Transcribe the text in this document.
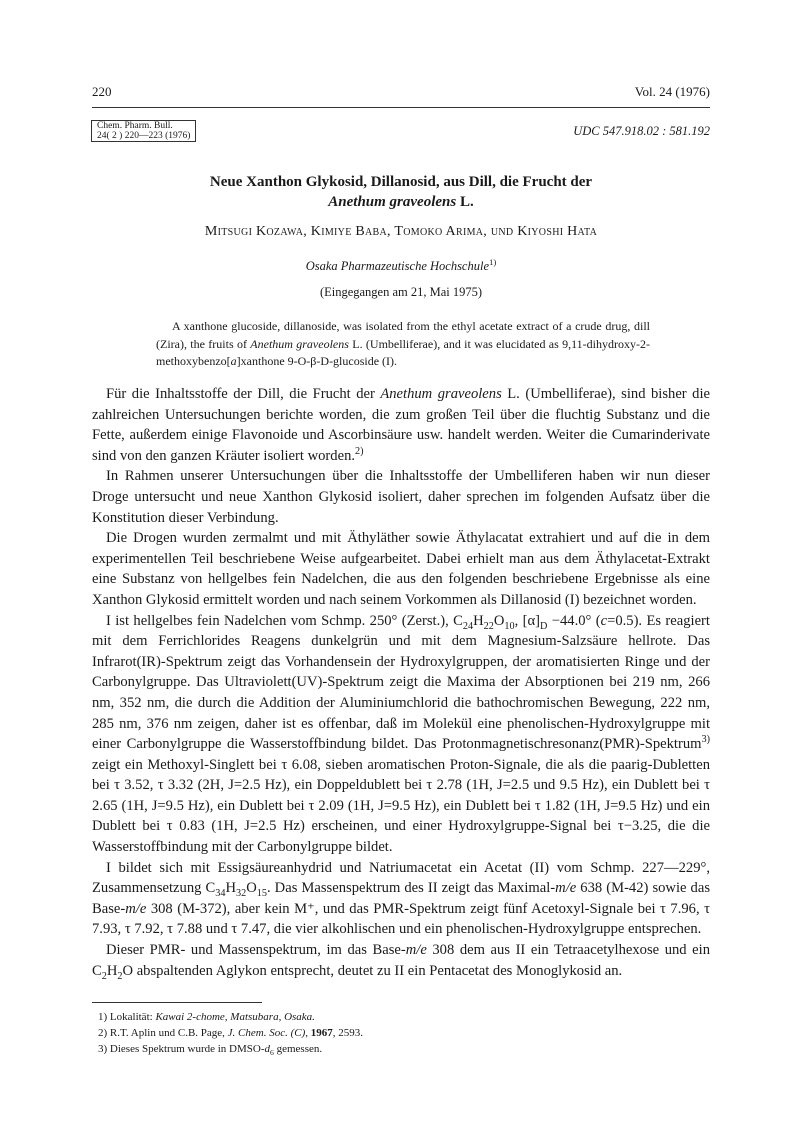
220	Vol. 24 (1976)
Chem. Pharm. Bull.
24( 2 ) 220—223 (1976)	UDC 547.918.02 : 581.192
Neue Xanthon Glykosid, Dillanosid, aus Dill, die Frucht der
Anethum graveolens L.
Mitsugi Kozawa, Kimiye Baba, Tomoko Arima, und Kiyoshi Hata
Osaka Pharmazeutische Hochschule$^{1)}$
(Eingegangen am 21, Mai 1975)

A xanthone glucoside, dillanoside, was isolated from the ethyl acetate extract of a crude drug, dill (Zira), the fruits of Anethum graveolens L. (Umbelliferae), and it was elucidated as 9,11-dihydroxy-2-methoxybenzo[a]xanthone 9-O-β-D-glucoside (I).

Für die Inhaltsstoffe der Dill, die Frucht der Anethum graveolens L. (Umbelliferae), sind bisher die zahlreichen Untersuchungen berichte worden, die zum großen Teil über die fluchtig Substanz und die Fette, außerdem einige Flavonoide und Ascorbinsäure usw. handelt werden. Weiter die Cumarinderivate sind von den ganzen Kräuter isoliert worden.$^{2)}$

In Rahmen unserer Untersuchungen über die Inhaltsstoffe der Umbelliferen haben wir nun dieser Droge untersucht und neue Xanthon Glykosid isoliert, daher sprechen im folgenden Aufsatz über die Konstitution dieser Verbindung.

Die Drogen wurden zermalmt und mit Äthyläther sowie Äthylacatat extrahiert und auf die in dem experimentellen Teil beschriebene Weise aufgearbeitet. Dabei erhielt man aus dem Äthylacetat-Extrakt eine Substanz von hellgelbes fein Nadelchen, die aus den folgenden beschriebene Ergebnisse als eine Xanthon Glykosid ermittelt worden und nach seinem Vorkommen als Dillanosid (I) bezeichnet worden.

I ist hellgelbes fein Nadelchen vom Schmp. 250° (Zerst.), $C_{24}H_{22}O_{10}$, $[\alpha]_D -44.0^\circ$ (c=0.5). Es reagiert mit dem Ferrichlorides Reagens dunkelgrün und mit dem Magnesium-Salzsäure hellrote. Das Infrarot(IR)-Spektrum zeigt das Vorhandensein der Hydroxylgruppen, der aromatisierten Ringe und der Carbonylgruppe. Das Ultraviolett(UV)-Spektrum zeigt die Maxima der Absorptionen bei 219 nm, 266 nm, 352 nm, die durch die Addition der Aluminiumchlorid die bathochromischen Bewegung, 222 nm, 285 nm, 376 nm zeigen, daher ist es offenbar, daß im Molekül eine phenolischen-Hydroxylgruppe mit einer Carbonylgruppe die Wasserstoffbindung bildet. Das Protonmagnetischresonanz(PMR)-Spektrum$^{3)}$ zeigt ein Methoxyl-Singlett bei τ 6.08, sieben aromatischen Proton-Signale, die als die paarig-Dubletten bei τ 3.52, τ 3.32 (2H, J=2.5 Hz), ein Doppeldublett bei τ 2.78 (1H, J=2.5 und 9.5 Hz), ein Dublett bei τ 2.65 (1H, J=9.5 Hz), ein Dublett bei τ 2.09 (1H, J=9.5 Hz), ein Dublett bei τ 1.82 (1H, J=9.5 Hz) und ein Dublett bei τ 0.83 (1H, J=2.5 Hz) erscheinen, und einer Hydroxylgruppe-Signal bei τ−3.25, die die Wasserstoffbindung mit der Carbonylgruppe bildet.

I bildet sich mit Essigsäureanhydrid und Natriumacetat ein Acetat (II) vom Schmp. 227—229°, Zusammensetzung $C_{34}H_{32}O_{15}$. Das Massenspektrum des II zeigt das Maximal-m/e 638 (M-42) sowie das Base-m/e 308 (M-372), aber kein M⁺, und das PMR-Spektrum zeigt fünf Acetoxyl-Signale bei τ 7.96, τ 7.93, τ 7.92, τ 7.88 und τ 7.47, die vier alkohlischen und ein phenolischen-Hydroxylgruppe entsprechen.

Dieser PMR- und Massenspektrum, im das Base-m/e 308 dem aus II ein Tetraacetylhexose und ein $C_2H_2O$ abspaltenden Aglykon entsprecht, deutet zu II ein Pentacetat des Monoglykosid an.

1) Lokalität: Kawai 2-chome, Matsubara, Osaka.
2) R.T. Aplin und C.B. Page, J. Chem. Soc. (C), 1967, 2593.
3) Dieses Spektrum wurde in DMSO-$d_6$ gemessen.
